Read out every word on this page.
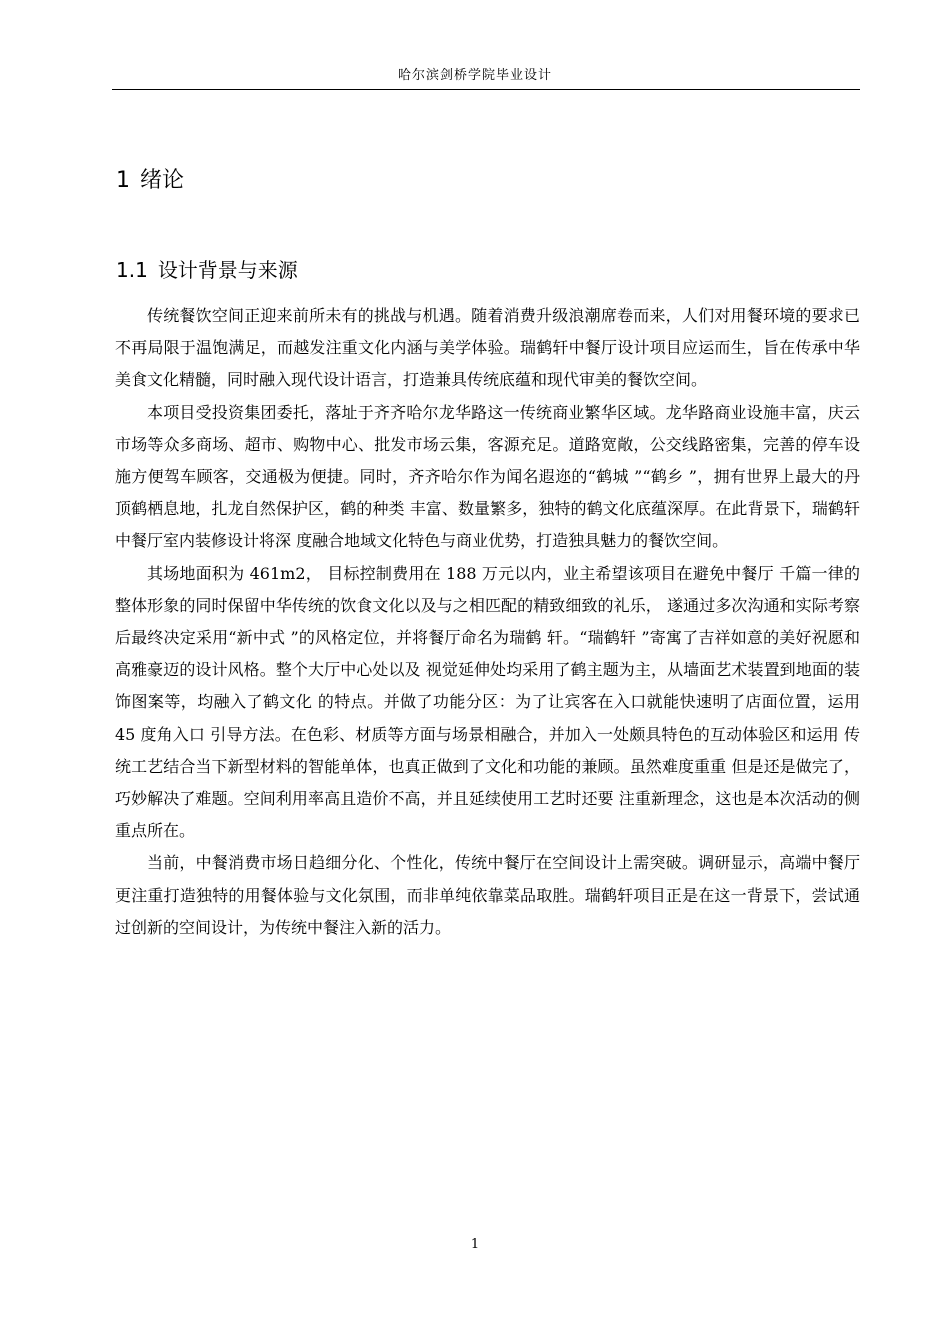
哈尔滨剑桥学院毕业设计
1 绪论
1.1 设计背景与来源

传统餐饮空间正迎来前所未有的挑战与机遇。随着消费升级浪潮席卷而来，人们对用餐环境的要求已不再局限于温饱满足，而越发注重文化内涵与美学体验。瑞鹤轩中餐厅设计项目应运而生，旨在传承中华美食文化精髓，同时融入现代设计语言，打造兼具传统底蕴和现代审美的餐饮空间。

本项目受投资集团委托，落址于齐齐哈尔龙华路这一传统商业繁华区域。龙华路商业设施丰富，庆云市场等众多商场、超市、购物中心、批发市场云集，客源充足。道路宽敞，公交线路密集，完善的停车设施方便驾车顾客，交通极为便捷。同时，齐齐哈尔作为闻名遐迩的“鹤城 ”“鹤乡 ”，拥有世界上最大的丹顶鹤栖息地，扎龙自然保护区，鹤的种类 丰富、数量繁多，独特的鹤文化底蕴深厚。在此背景下，瑞鹤轩中餐厅室内装修设计将深 度融合地域文化特色与商业优势，打造独具魅力的餐饮空间。

其场地面积为 461m2， 目标控制费用在 188 万元以内，业主希望该项目在避免中餐厅 千篇一律的整体形象的同时保留中华传统的饮食文化以及与之相匹配的精致细致的礼乐， 遂通过多次沟通和实际考察后最终决定采用“新中式 ”的风格定位，并将餐厅命名为瑞鹤 轩。“瑞鹤轩 ”寄寓了吉祥如意的美好祝愿和高雅豪迈的设计风格。整个大厅中心处以及 视觉延伸处均采用了鹤主题为主，从墙面艺术装置到地面的装饰图案等，均融入了鹤文化 的特点。并做了功能分区：为了让宾客在入口就能快速明了店面位置，运用 45 度角入口 引导方法。在色彩、材质等方面与场景相融合，并加入一处颇具特色的互动体验区和运用 传统工艺结合当下新型材料的智能单体，也真正做到了文化和功能的兼顾。虽然难度重重 但是还是做完了，巧妙解决了难题。空间利用率高且造价不高，并且延续使用工艺时还要 注重新理念，这也是本次活动的侧重点所在。

当前，中餐消费市场日趋细分化、个性化，传统中餐厅在空间设计上需突破。调研显示，高端中餐厅更注重打造独特的用餐体验与文化氛围，而非单纯依靠菜品取胜。瑞鹤轩项目正是在这一背景下，尝试通过创新的空间设计，为传统中餐注入新的活力。

1
